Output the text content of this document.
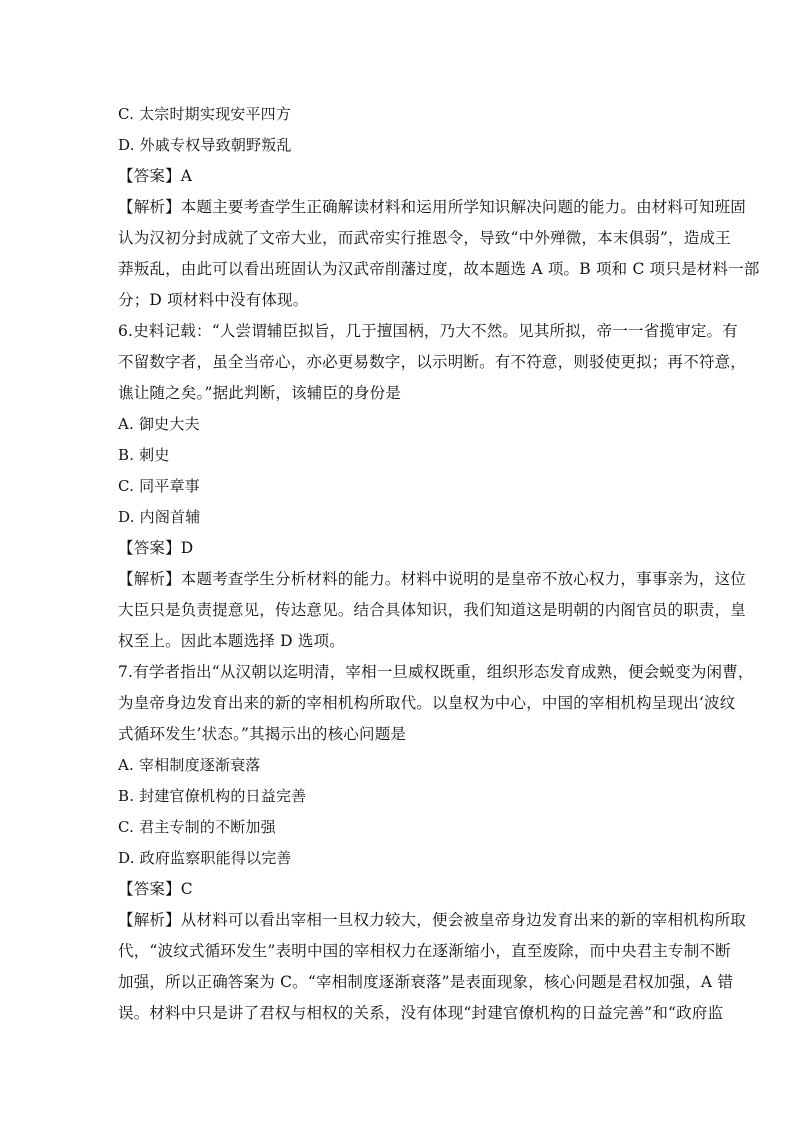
C. 太宗时期实现安平四方
D. 外戚专权导致朝野叛乱
【答案】A
【解析】本题主要考查学生正确解读材料和运用所学知识解决问题的能力。由材料可知班固
认为汉初分封成就了文帝大业，而武帝实行推恩令，导致“中外殚微，本末俱弱”，造成王
莽叛乱，由此可以看出班固认为汉武帝削藩过度，故本题选 A 项。B 项和 C 项只是材料一部
分；D 项材料中没有体现。
6.史料记载：“人尝谓辅臣拟旨，几于擅国柄，乃大不然。见其所拟，帝一一省揽审定。有
不留数字者，虽全当帝心，亦必更易数字，以示明断。有不符意，则驳使更拟；再不符意，
谯让随之矣。”据此判断，该辅臣的身份是
A. 御史大夫
B. 刺史
C. 同平章事
D. 内阁首辅
【答案】D
【解析】本题考查学生分析材料的能力。材料中说明的是皇帝不放心权力，事事亲为，这位
大臣只是负责提意见，传达意见。结合具体知识，我们知道这是明朝的内阁官员的职责，皇
权至上。因此本题选择 D 选项。
7.有学者指出“从汉朝以迄明清，宰相一旦威权既重，组织形态发育成熟，便会蜕变为闲曹，
为皇帝身边发育出来的新的宰相机构所取代。以皇权为中心，中国的宰相机构呈现出‘波纹
式循环发生’状态。”其揭示出的核心问题是
A. 宰相制度逐渐衰落
B. 封建官僚机构的日益完善
C. 君主专制的不断加强
D. 政府监察职能得以完善
【答案】C
【解析】从材料可以看出宰相一旦权力较大，便会被皇帝身边发育出来的新的宰相机构所取
代，“波纹式循环发生”表明中国的宰相权力在逐渐缩小，直至废除，而中央君主专制不断
加强，所以正确答案为 C。“宰相制度逐渐衰落”是表面现象，核心问题是君权加强，A 错
误。材料中只是讲了君权与相权的关系，没有体现“封建官僚机构的日益完善”和“政府监
